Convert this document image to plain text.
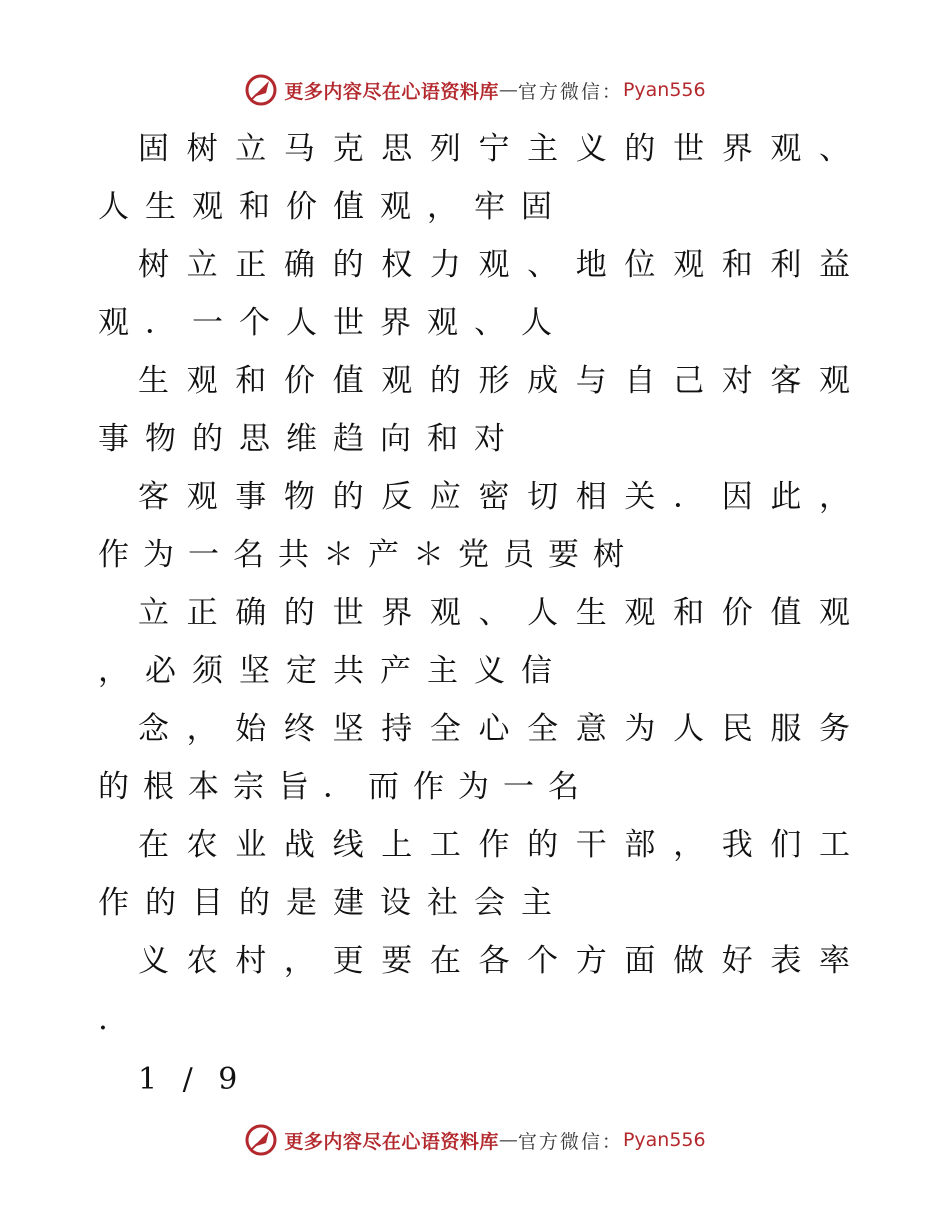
更多内容尽在心语资料库 — 官方微信： Pyan556
固树立马克思列宁主义的世界观、
人生观和价值观，牢固
树立正确的权力观、地位观和利益
观．一个人世界观、人
生观和价值观的形成与自己对客观
事物的思维趋向和对
客观事物的反应密切相关．因此，
作为一名共＊产＊党员要树
立正确的世界观、人生观和价值观
，必须坚定共产主义信
念，始终坚持全心全意为人民服务
的根本宗旨．而作为一名
在农业战线上工作的干部，我们工
作的目的是建设社会主
义农村，更要在各个方面做好表率
.
1 / 9
更多内容尽在心语资料库 — 官方微信： Pyan556
